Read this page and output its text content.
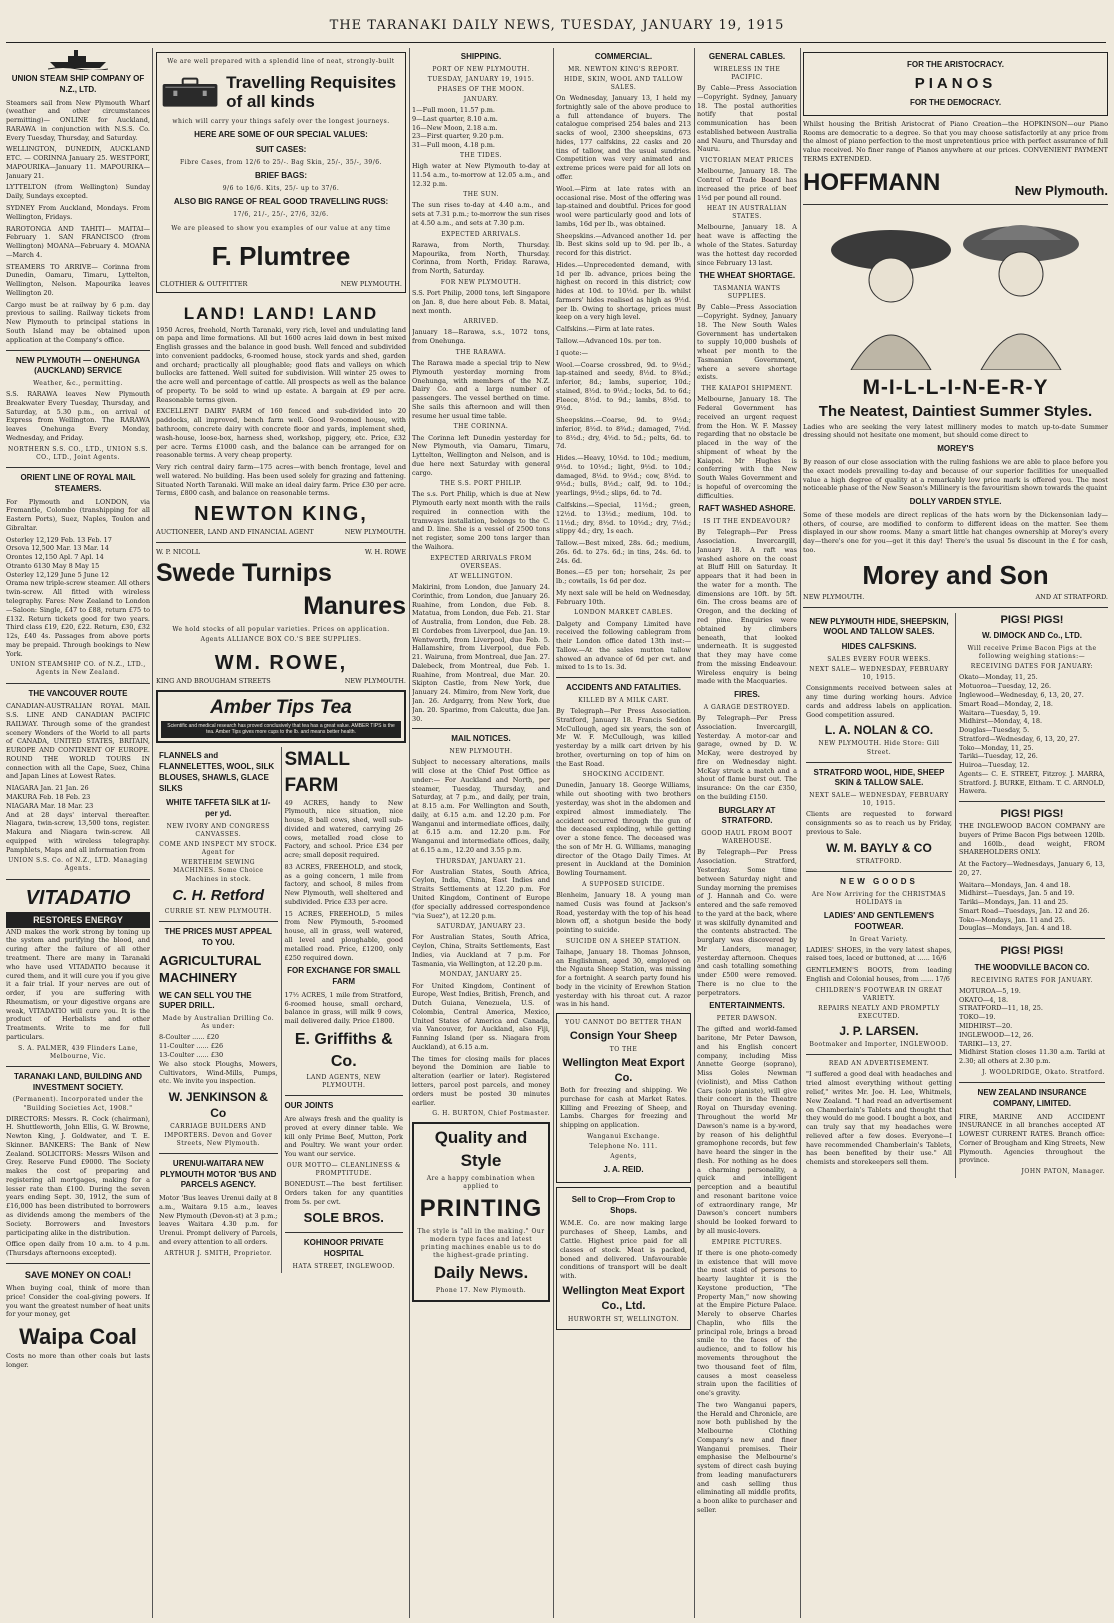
THE TARANAKI DAILY NEWS, TUESDAY, JANUARY 19, 1915
UNION STEAM SHIP COMPANY OF N.Z., LTD.

Steamers sail from New Plymouth Wharf (weather and other circumstances permitting)— ONLINE for Auckland, RARAWA in conjunction with N.S.S. Co. Every Tuesday, Thursday, and Saturday.

WELLINGTON, DUNEDIN, AUCKLAND ETC. — CORINNA January 25. WESTPORT, MAPOURIKA—January 11. MAPOURIKA—January 21.

LYTTELTON (from Wellington) Sunday Daily, Sundays excepted.

SYDNEY From Auckland, Mondays. From Wellington, Fridays.

RAROTONGA AND TAHITI— MAITAI—February 1. SAN FRANCISCO (from Wellington) MOANA—February 4. MOANA—March 4.

STEAMERS TO ARRIVE— Corinna from Dunedin, Oamaru, Timaru, Lyttelton, Wellington, Nelson. Mapourika leaves Wellington 20.

Cargo must be at railway by 6 p.m. day previous to sailing. Railway tickets from New Plymouth to principal stations in South Island may be obtained upon application at the Company's office.

NEW PLYMOUTH — ONEHUNGA (AUCKLAND) SERVICE
Weather, &c., permitting.

S.S. RARAWA leaves New Plymouth Breakwater Every Tuesday, Thursday, and Saturday, at 5.30 p.m., on arrival of Express from Wellington. The RARAWA leaves Onehunga Every Monday, Wednesday, and Friday.

NORTHERN S.S. CO., LTD., UNION S.S. CO., LTD., Joint Agents.
ORIENT LINE OF ROYAL MAIL STEAMERS.

For Plymouth and LONDON, via Fremantle, Colombo (transhipping for all Eastern Ports), Suez, Naples, Toulon and Gibraltar.

Osterley 12,129 Feb. 13 Feb. 17
Orsova 12,500 Mar. 13 Mar. 14
Orontes 12,150 Apl. 7 Apl. 14
Otranto 6130 May 8 May 15
Osterley 12,129 June 5 June 12

Orama new triple-screw steamer. All others twin-screw. All fitted with wireless telegraphy. Fares: New Zealand to London—Saloon: Single, £47 to £88, return £75 to £132. Return tickets good for two years. Third class £19, £20, £22. Return, £30, £32 12s, £40 4s. Passages from above ports may be prepaid. Through bookings to New York.

UNION STEAMSHIP CO. of N.Z., LTD., Agents in New Zealand.
THE VANCOUVER ROUTE

CANADIAN-AUSTRALIAN ROYAL MAIL S.S. LINE AND CANADIAN PACIFIC RAILWAY. Through some of the grandest scenery Wonders of the World to all parts of CANADA, UNITED STATES, BRITAIN, EUROPE AND CONTINENT OF EUROPE. ROUND THE WORLD TOURS IN connection with all the Cape, Suez, China and Japan Lines at Lowest Rates.

NIAGARA Jan. 21 Jan. 26
MAKURA Feb. 18 Feb. 23
NIAGARA Mar. 18 Mar. 23

And at 28 days' interval thereafter. Niagara, twin-screw, 13,500 tons, register. Makura and Niagara twin-screw. All equipped with wireless telegraphy. Pamphlets, Maps and all information from

UNION S.S. Co. of N.Z., LTD. Managing Agents.
VITADATIO
RESTORES ENERGY

AND makes the work strong by toning up the system and purifying the blood, and curing after the failure of all other treatment. There are many in Taranaki who have used VITADATIO because it cured them, and it will cure you if you give it a fair trial. If your nerves are out of order, if you are suffering with Rheumatism, or your digestive organs are weak, VITADATIO will cure you. It is the product of Herbalists and other Treatments. Write to me for full particulars.

S. A. PALMER, 439 Flinders Lane, Melbourne, Vic.
TARANAKI LAND, BUILDING AND INVESTMENT SOCIETY.
(Permanent). Incorporated under the "Building Societies Act, 1908."

DIRECTORS: Messrs. R. Cock (chairman), H. Shuttleworth, John Ellis, G. W. Browne, Newton King, J. Goldwater, and T. E. Skinner. BANKERS: The Bank of New Zealand. SOLICITORS: Messrs Wilson and Grey. Reserve Fund £9000. The Society makes the cost of preparing and registering all mortgages, making for a lesser rate than £100. During the seven years ending Sept. 30, 1912, the sum of £16,000 has been distributed to borrowers as dividends among the members of the Society. Borrowers and Investors participating alike in the distribution.

Office open daily from 10 a.m. to 4 p.m. (Thursdays afternoons excepted).

SAVE MONEY ON COAL!

When buying coal, think of more than price! Consider the coal-giving powers. If you want the greatest number of heat units for your money, get

Waipa Coal

Costs no more than other coals but lasts longer.

We are well prepared with a splendid line of neat, strongly-built
Travelling Requisites of all kinds
which will carry your things safely over the longest journeys.
HERE ARE SOME OF OUR SPECIAL VALUES:
SUIT CASES:
Fibre Cases, from 12/6 to 25/-. Bag Skin, 25/-, 35/-, 39/6.
BRIEF BAGS:
9/6 to 16/6. Kits, 25/- up to 37/6.
ALSO BIG RANGE OF REAL GOOD TRAVELLING RUGS:
17/6, 21/-, 25/-, 27/6, 32/6.
We are pleased to show you examples of our value at any time
F. Plumtree
CLOTHIER & OUTFITTER	NEW PLYMOUTH.
LAND! LAND! LAND

1950 Acres, freehold, North Taranaki, very rich, level and undulating land on papa and lime formations. All but 1600 acres laid down in best mixed English grasses and the balance in good bush. Well fenced and subdivided into convenient paddocks, 6-roomed house, stock yards and shed, garden and orchard; practically all ploughable; good flats and valleys on which bullocks are fattened. Well suited for subdivision. Will winter 25 owes to the acre well and percentage of cattle. All prospects as well as the balance of property. To be sold to wind up estate. A bargain at £9 per acre. Reasonable terms given.

EXCELLENT DAIRY FARM of 160 fenced and sub-divided into 20 paddocks, all improved, bench farm well. Good 9-roomed house, with bathroom, concrete dairy with concrete floor and yards, implement shed, wash-house, loose-box, harness shed, workshop, piggery, etc. Price, £32 per acre. Terms £1000 cash, and the balance can be arranged for on reasonable terms. A very cheap property.

Very rich central dairy farm—175 acres—with bench frontage, level and well watered. No building. Has been used solely for grazing and fattening. Situated North Taranaki. Will make an ideal dairy farm. Price £30 per acre. Terms, £800 cash, and balance on reasonable terms.

NEWTON KING,
AUCTIONEER, LAND AND FINANCIAL AGENT	NEW PLYMOUTH.
W. P. NICOLL	W. H. ROWE
Swede Turnips
Manures
We hold stocks of all popular varieties. Prices on application.
Agents ALLIANCE BOX CO.'S BEE SUPPLIES.
WM. ROWE,
KING AND BROUGHAM STREETS	NEW PLYMOUTH.
Amber Tips Tea
Scientific and medical research has proved conclusively that tea has a great value. AMBER TIPS is the tea. Amber Tips gives more cups to the lb. and means better health.
FLANNELS and FLANNELETTES, WOOL, SILK BLOUSES, SHAWLS, GLACE SILKS
WHITE TAFFETA SILK at 1/- per yd.
NEW IVORY AND CONGRESS CANVASSES.
COME AND INSPECT MY STOCK. Agent for
WERTHEIM SEWING MACHINES. Some Choice Machines in stock.
C. H. Retford
CURRIE ST. NEW PLYMOUTH.
THE PRICES MUST APPEAL TO YOU.
AGRICULTURAL MACHINERY
WE CAN SELL YOU THE SUPER DRILL.
Made by Australian Drilling Co. As under:
8-Coulter ...... £20
11-Coulter ...... £26
13-Coulter ...... £30

We also stock Ploughs, Mowers, Cultivators, Wind-Mills, Pumps, etc. We invite you inspection.

W. JENKINSON & Co
CARRIAGE BUILDERS AND IMPORTERS. Devon and Gover Streets, New Plymouth.
URENUI-WAITARA NEW PLYMOUTH MOTOR 'BUS AND PARCELS AGENCY.

Motor 'Bus leaves Urenui daily at 8 a.m., Waitara 9.15 a.m., leaves New Plymouth (Devon-st) at 3 p.m.; leaves Waitara 4.30 p.m. for Urenui. Prompt delivery of Parcels, and every attention to all orders.

ARTHUR J. SMITH, Proprietor.
SMALL FARM

49 ACRES, handy to New Plymouth, nice situation, nice house, 8 ball cows, shed, well sub-divided and watered, carrying 26 cows, metalled road close to Factory, and school. Price £34 per acre; small deposit required.

83 ACRES, FREEHOLD, and stock, as a going concern, 1 mile from factory, and school, 8 miles from New Plymouth, well sheltered and subdivided. Price £33 per acre.

15 ACRES, FREEHOLD, 5 miles from New Plymouth, 5-roomed house, all in grass, well watered, all level and ploughable, good metalled road. Price, £1200, only £250 required down.

FOR EXCHANGE FOR SMALL FARM

17½ ACRES, 1 mile from Stratford, 6-roomed house, small orchard, balance in grass, will milk 9 cows, mail delivered daily. Price £1800.

E. Griffiths & Co.
LAND AGENTS, NEW PLYMOUTH.
OUR JOINTS

Are always fresh and the quality is proved at every dinner table. We kill only Prime Beef, Mutton, Pork and Poultry. We want your order. You want our service.

OUR MOTTO— CLEANLINESS & PROMPTITUDE.

BONEDUST.—The best fertiliser. Orders taken for any quantities from 5s. per cwt.

SOLE BROS.
KOHINOOR PRIVATE HOSPITAL
HATA STREET, INGLEWOOD.
SHIPPING.
PORT OF NEW PLYMOUTH.
TUESDAY, JANUARY 19, 1915.
PHASES OF THE MOON.
JANUARY.
1—Full moon, 11.57 p.m.
9—Last quarter, 8.10 a.m.
16—New Moon, 2.18 a.m.
23—First quarter, 9.20 p.m.
31—Full moon, 4.18 p.m.
THE TIDES.

High water at New Plymouth to-day at 11.54 a.m., to-morrow at 12.05 a.m., and 12.32 p.m.

THE SUN.

The sun rises to-day at 4.40 a.m., and sets at 7.31 p.m.; to-morrow the sun rises at 4.50 a.m., and sets at 7.30 p.m.

EXPECTED ARRIVALS.

Rarawa, from North, Thursday. Mapourika, from North, Thursday. Corinna, from North, Friday. Rarawa, from North, Saturday.

FOR NEW PLYMOUTH.

S.S. Port Philip, 2000 tons, left Singapore on Jan. 8, due here about Feb. 8. Matai, next month.

ARRIVED.

January 18—Rarawa, s.s., 1072 tons, from Onehunga.

THE RARAWA.

The Rarawa made a special trip to New Plymouth yesterday morning from Onehunga, with members of the N.Z. Dairy Co. and a large number of passengers. The vessel berthed on time. She sails this afternoon and will then resume her usual time table.

THE CORINNA.

The Corinna left Dunedin yesterday for New Plymouth, via Oamaru, Timaru, Lyttelton, Wellington and Nelson, and is due here next Saturday with general cargo.

THE S.S. PORT PHILIP.

The s.s. Port Philip, which is due at New Plymouth early next month with the rails required in connection with the tramways installation, belongs to the C. and D. line. She is a vessel of 2500 tons net register, some 200 tons larger than the Waihora.

EXPECTED ARRIVALS FROM OVERSEAS.
AT WELLINGTON.

Makirini, from London, due January 24. Corinthic, from London, due January 26. Ruahine, from London, due Feb. 8. Matatua, from London, due Feb. 21. Star of Australia, from London, due Feb. 28. El Cordobes from Liverpool, due Jan. 19. Wentworth, from Liverpool, due Feb. 5. Hallamshire, from Liverpool, due Feb. 21. Wairuna, from Montreal, due Jan. 27. Dalebeck, from Montreal, due Feb. 1. Ruahine, from Montreal, due Mar. 20. Skipton Castle, from New York, due January 24. Mimiro, from New York, due Jan. 26. Ardgarry, from New York, due Jan. 20. Sparimo, from Calcutta, due Jan. 30.

MAIL NOTICES.
NEW PLYMOUTH.

Subject to necessary alterations, mails will close at the Chief Post Office as under:— For Auckland and North, per steamer, Tuesday, Thursday, and Saturday, at 7 p.m., and daily, per train, at 8.15 a.m. For Wellington and South, daily, at 6.15 a.m. and 12.20 p.m. For Wanganui and intermediate offices, daily, at 6.15 a.m. and 12.20 p.m. For Wanganui and intermediate offices, daily, at 6.15 a.m., 12.20 and 3.55 p.m.

THURSDAY, JANUARY 21.

For Australian States, South Africa, Ceylon, India, China, East Indies and Straits Settlements at 12.20 p.m. For United Kingdom, Continent of Europe (for specially addressed correspondence "via Suez"), at 12.20 p.m.

SATURDAY, JANUARY 23.

For Australian States, South Africa, Ceylon, China, Straits Settlements, East Indies, via Auckland at 7 p.m. For Tasmania, via Wellington, at 12.20 p.m.

MONDAY, JANUARY 25.

For United Kingdom, Continent of Europe, West Indies, British, French, and Dutch Guiana, Venezuela, U.S. of Colombia, Central America, Mexico, United States of America and Canada, via Vancouver, for Auckland, also Fiji, Fanning Island (per ss. Niagara from Auckland), at 6.15 a.m.

The times for closing mails for places beyond the Dominion are liable to alteration (earlier or later). Registered letters, parcel post parcels, and money orders must be posted 30 minutes earlier.

G. H. BURTON, Chief Postmaster.
Quality and Style
Are a happy combination when applied to
PRINTING
The style is "all in the making." Our modern type faces and latest printing machines enable us to do the highest-grade printing.
Daily News.
Phone 17. New Plymouth.
COMMERCIAL.
MR. NEWTON KING'S REPORT.
HIDE, SKIN, WOOL AND TALLOW SALES.

On Wednesday, January 13, I held my fortnightly sale of the above produce to a full attendance of buyers. The catalogue comprised 254 bales and 213 sacks of wool, 2300 sheepskins, 673 hides, 177 calfskins, 22 casks and 20 tins of tallow, and the usual sundries. Competition was very animated and extreme prices were paid for all lots on offer.

Wool.—Firm at late rates with an occasional rise. Most of the offering was lap-stained and doubtful. Prices for good wool were particularly good and lots of lambs, 16d per lb., was obtained.

Sheepskins.—Advanced another 1d. per lb. Best skins sold up to 9d. per lb., a record for this district.

Hides.—Unprecedented demand, with 1d per lb. advance, prices being the highest on record in this district; cow hides at 10d. to 10½d. per lb. whilst farmers' hides realised as high as 9½d. per lb. Owing to shortage, prices must keep on a very high level.

Calfskins.—Firm at late rates.

Tallow.—Advanced 10s. per ton.

I quote:—

Wool.—Coarse crossbred, 9d. to 9½d.; lap-stained and seedy, 8½d. to 8¾d.; inferior, 8d.; lambs, superior, 10d.; stained, 8½d. to 9½d.; locks, 5d. to 6d.; Fleece, 8½d. to 9d.; lambs, 8½d. to 9½d.

Sheepskins.—Coarse, 9d. to 9½d.; inferior, 8½d. to 8¾d.; damaged, 7½d. to 8½d.; dry, 4½d. to 5d.; pelts, 6d. to 7d.

Hides.—Heavy, 10½d. to 10d.; medium, 9½d. to 10½d.; light, 9½d. to 10d.; damaged, 8½d. to 9½d.; cow, 8½d. to 9½d.; bulls, 8½d.; calf, 9d. to 10d.; yearlings, 9½d.; slips, 6d. to 7d.

Calfskins.—Special, 11½d.; green, 12½d. to 13½d.; medium, 10d. to 11½d.; dry, 8½d. to 10½d.; dry, 7½d.; slippy 4d.; dry, 1s each.

Tallow.—Best mixed, 28s. 6d.; medium, 26s. 6d. to 27s. 6d.; in tins, 24s. 6d. to 24s. 6d.

Bones.—£5 per ton; horsehair, 2s per lb.; cowtails, 1s 6d per doz.

My next sale will be held on Wednesday, February 10th.

LONDON MARKET CABLES.

Dalgety and Company Limited have received the following cablegram from their London office dated 13th inst:— Tallow.—At the sales mutton tallow showed an advance of 6d per cwt. and mixed to 1s to 1s. 3d.

ACCIDENTS AND FATALITIES.
KILLED BY A MILK CART.

By Telegraph—Per Press Association. Stratford, January 18. Francis Seddon McCullough, aged six years, the son of Mr W. F. McCullough, was killed yesterday by a milk cart driven by his brother, overturning on top of him on the East Road.

SHOCKING ACCIDENT.

Dunedin, January 18. George Williams, while out shooting with two brothers yesterday, was shot in the abdomen and expired almost immediately. The accident occurred through the gun of the deceased exploding, while getting over a stone fence. The deceased was the son of Mr H. G. Williams, managing director of the Otago Daily Times. At present in Auckland at the Dominion Bowling Tournament.

A SUPPOSED SUICIDE.

Blenheim, January 18. A young man named Cusis was found at Jackson's Road, yesterday with the top of his head blown off, a shotgun beside the body pointing to suicide.

SUICIDE ON A SHEEP STATION.

Taihape, January 18. Thomas Johnson, an Englishman, aged 30, employed on the Ngauta Sheep Station, was missing for a fortnight. A search party found his body in the vicinity of Erewhon Station yesterday with his throat cut. A razor was in his hand.

YOU CANNOT DO BETTER THAN
Consign Your Sheep
TO THE
Wellington Meat Export Co.

Both for freezing and shipping. We purchase for cash at Market Rates. Killing and Freezing of Sheep, and Lambs. Charges for freezing and shipping on application.

Wanganui Exchange.
Telephone No. 111.
Agents,
J. A. REID.
Sell to Crop—From Crop to Shops.

W.M.E. Co. are now making large purchases of Sheep, Lambs, and Cattle. Highest price paid for all classes of stock. Meat is packed, boned and delivered. Unfavourable conditions of transport will be dealt with.

Wellington Meat Export Co., Ltd.
HURWORTH ST, WELLINGTON.
GENERAL CABLES.
WIRELESS IN THE PACIFIC.

By Cable—Press Association—Copyright. Sydney, January 18. The postal authorities notify that postal communication has been established between Australia and Nauru, and Thursday and Nauru.

VICTORIAN MEAT PRICES

Melbourne, January 18. The Control of Trade Board has increased the price of beef 1½d per pound all round.

HEAT IN AUSTRALIAN STATES.

Melbourne, January 18. A heat wave is affecting the whole of the States. Saturday was the hottest day recorded since February 13 last.

THE WHEAT SHORTAGE.
TASMANIA WANTS SUPPLIES.

By Cable—Press Association—Copyright. Sydney, January 18. The New South Wales Government has undertaken to supply 10,000 bushels of wheat per month to the Tasmanian Government, where a severe shortage exists.

THE KAIAPOI SHIPMENT.

Melbourne, January 18. The Federal Government has received an urgent request from the Hon. W. F. Massey regarding that no obstacle be placed in the way of the shipment of wheat by the Kaiapoi. Mr Hughes is conferring with the New South Wales Government and is hopeful of overcoming the difficulties.

RAFT WASHED ASHORE.
IS IT THE ENDEAVOUR?

By Telegraph—Per Press Association. Invercargill, January 18. A raft was washed ashore on the coast at Bluff Hill on Saturday. It appears that it had been in the water for a month. The dimensions are 10ft. by 5ft. 6in. The cross beams are of Oregon, and the decking of red pine. Enquiries were obtained by climbers beneath, that looked underneath. It is suggested that they may have come from the missing Endeavour. Wireless enquiry is being made with the Macquaries.

FIRES.
A GARAGE DESTROYED.

By Telegraph—Per Press Association. Invercargill, Yesterday. A motor-car and garage, owned by D. W. McKay, were destroyed by fire on Wednesday night. McKay struck a match and a shout of flame burst out. The insurance: On the car £350, on the building £150.

BURGLARY AT STRATFORD.
GOOD HAUL FROM BOOT WAREHOUSE.

By Telegraph—Per Press Association. Stratford, Yesterday. Some time between Saturday night and Sunday morning the premises of J. Hannah and Co. were entered and the safe removed to the yard at the back, where it was skilfully dynamited and the contents abstracted. The burglary was discovered by Mr Landers, manager, yesterday afternoon. Cheques and cash totalling something under £500 were removed. There is no clue to the perpetrators.

ENTERTAINMENTS.
PETER DAWSON.

The gifted and world-famed baritone, Mr Peter Dawson, and his English concert company, including Miss Annette George (soprano), Miss Goles Newman (violinist), and Miss Cathon Cars (solo pianiste), will give their concert in the Theatre Royal on Thursday evening. Throughout the world Mr Dawson's name is a by-word, by reason of his delightful gramophone records, but few have heard the singer in the flesh. For nothing as he does a charming personality, a quick and intelligent perception and a beautiful and resonant baritone voice of extraordinary range, Mr Dawson's concert numbers should be looked forward to by all music-lovers.

EMPIRE PICTURES.

If there is one photo-comedy in existence that will move the most staid of persons to hearty laughter it is the Keystone production, "The Property Man," now showing at the Empire Picture Palace. Merely to observe Charles Chaplin, who fills the principal role, brings a broad smile to the faces of the audience, and to follow his movements throughout the two thousand feet of film, causes a most ceaseless strain upon the facilities of one's gravity.

The two Wanganui papers, the Herald and Chronicle, are now both published by the Melbourne Clothing Company's new and finer Wanganui premises. Their emphasise the Melbourne's system of direct cash buying from leading manufacturers and cash selling thus eliminating all middle profits, a boon alike to purchaser and seller.

FOR THE ARISTOCRACY.
PIANOS
FOR THE DEMOCRACY.

Whilst housing the British Aristocrat of Piano Creation—the HOPKINSON—our Piano Rooms are democratic to a degree. So that you may choose satisfactorily at any price from the almost of piano perfection to the most unpretentious price with perfect assurance of full value received. No finer range of Pianos anywhere at our prices. CONVENIENT PAYMENT TERMS EXTENDED.

HOFFMANN	New Plymouth.
M-I-L-L-I-N-E-R-Y
The Neatest, Daintiest Summer Styles.

Ladies who are seeking the very latest millinery modes to match up-to-date Summer dressing should not hesitate one moment, but should come direct to

MOREY'S

By reason of our close association with the ruling fashions we are able to place before you the exact models prevailing to-day and because of our superior facilities for unequalled value a high degree of quality at a remarkably low price mark is offered you. The most noticeable phase of the New Season's Millinery is the favouritism shown towards the quaint

DOLLY VARDEN STYLE.

Some of these models are direct replicas of the hats worn by the Dickensonian lady—others, of course, are modified to conform to different ideas on the matter. See them displayed in our show rooms. Many a smart little hat changes ownership at Morey's every day—there's one for you—get it this day! There's the usual 5s discount in the £ for cash, too.

Morey and Son
NEW PLYMOUTH.	AND AT STRATFORD.
NEW PLYMOUTH HIDE, SHEEPSKIN, WOOL AND TALLOW SALES.
HIDES CALFSKINS.
SALES EVERY FOUR WEEKS.
NEXT SALE— WEDNESDAY, FEBRUARY 10, 1915.

Consignments received between sales at any time during working hours. Advice cards and address labels on application. Good competition assured.

L. A. NOLAN & CO.
NEW PLYMOUTH. Hide Store: Gill Street.
STRATFORD WOOL, HIDE, SHEEP SKIN & TALLOW SALE.
NEXT SALE— WEDNESDAY, FEBRUARY 10, 1915.

Clients are requested to forward consignments so as to reach us by Friday, previous to Sale.

W. M. BAYLY & CO
STRATFORD.
NEW GOODS
Are Now Arriving for the CHRISTMAS HOLIDAYS in
LADIES' AND GENTLEMEN'S FOOTWEAR.
In Great Variety.

LADIES' SHOES, in the very latest shapes, raised toes, laced or buttoned, at ...... 16/6

GENTLEMEN'S BOOTS, from leading English and Colonial houses, from ...... 17/6

CHILDREN'S FOOTWEAR IN GREAT VARIETY.
REPAIRS NEATLY AND PROMPTLY EXECUTED.
J. P. LARSEN.
Bootmaker and Importer, INGLEWOOD.
READ AN ADVERTISEMENT.

"I suffered a good deal with headaches and tried almost everything without getting relief," writes Mr. Joe. H. Lee, Whitmels, New Zealand. "I had read an advertisement on Chamberlain's Tablets and thought that they would do me good. I bought a box, and can truly say that my headaches were relieved after a few doses. Everyone—I have recommended Chamberlain's Tablets, has been benefited by their use." All chemists and storekeepers sell them.

PIGS! PIGS!
W. DIMOCK AND Co., LTD.
Will receive Prime Bacon Pigs at the following weighing stations:—
RECEIVING DATES FOR JANUARY:
Okato—Monday, 11, 25.
Motuoroa—Tuesday, 12, 26.
Inglewood—Wednesday, 6, 13, 20, 27.
Smart Road—Monday, 2, 18.
Waitara—Tuesday, 5, 19.
Midhirst—Monday, 4, 18.
Douglas—Tuesday, 5.
Stratford—Wednesday, 6, 13, 20, 27.
Toko—Monday, 11, 25.
Tariki—Tuesday, 12, 26.
Huiroa—Tuesday, 12.

Agents— C. E. STREET, Fitzroy. J. MARRA, Stratford. J. BURKE, Eltham. T. C. ARNOLD, Hawera.

PIGS! PIGS!

THE INGLEWOOD BACON COMPANY are buyers of Prime Bacon Pigs between 120lb. and 160lb., dead weight, FROM SHAREHOLDERS ONLY.

At the Factory—Wednesdays, January 6, 13, 20, 27.

Waitara—Mondays, Jan. 4 and 18.
Midhirst—Tuesdays, Jan. 5 and 19.
Tariki—Mondays, Jan. 11 and 25.
Smart Road—Tuesdays, Jan. 12 and 26.
Toko—Mondays, Jan. 11 and 25.
Douglas—Mondays, Jan. 4 and 18.
PIGS! PIGS!
THE WOODVILLE BACON CO.
RECEIVING RATES FOR JANUARY.
MOTUROA—5, 19.
OKATO—4, 18.
STRATFORD—11, 18, 25.
TOKO—19.
MIDHIRST—20.
INGLEWOOD—12, 26.
TARIKI—13, 27.

Midhirst Station closes 11.30 a.m. Tariki at 2.30; all others at 2.30 p.m.

J. WOOLDRIDGE, Okato. Stratford.
NEW ZEALAND INSURANCE COMPANY, LIMITED.

FIRE, MARINE AND ACCIDENT INSURANCE in all branches accepted AT LOWEST CURRENT RATES. Branch office: Corner of Brougham and King Streets, New Plymouth. Agencies throughout the province.

JOHN PATON, Manager.
